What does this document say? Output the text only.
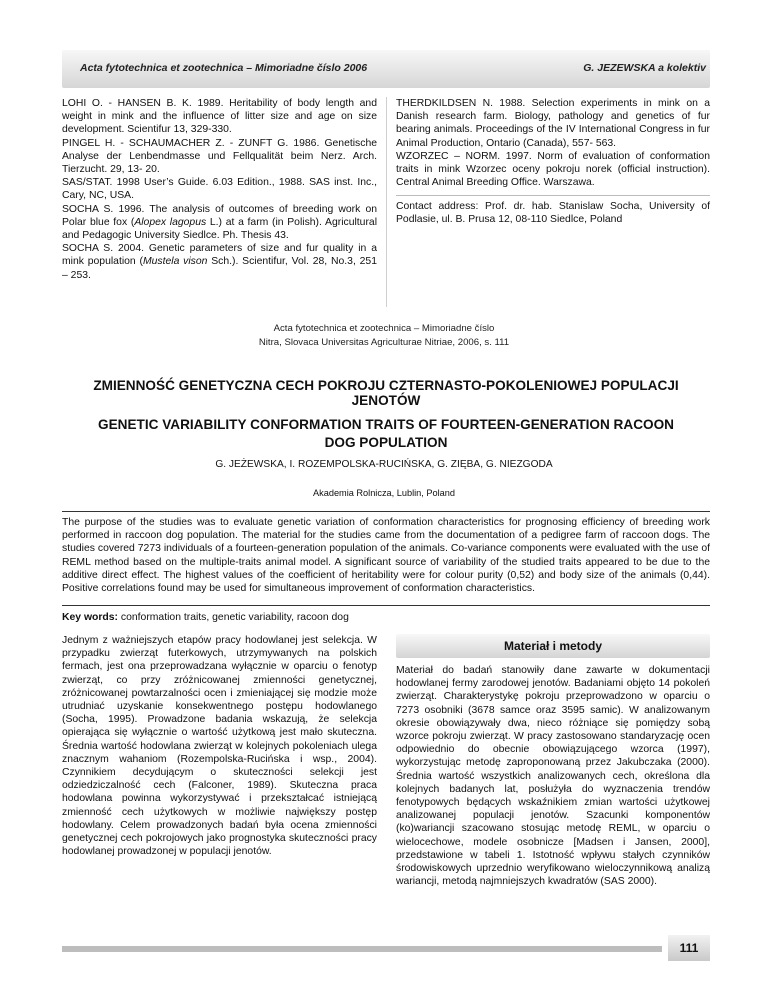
Acta fytotechnica et zootechnica – Mimoriadne číslo 2006	G. JEZEWSKA a kolektiv

LOHI O. - HANSEN B. K. 1989. Heritability of body length and weight in mink and the influence of litter size and age on size development. Scientifur 13, 329-330.

PINGEL H. - SCHAUMACHER Z. - ZUNFT G. 1986. Genetische Analyse der Lenbendmasse und Fellqualität beim Nerz. Arch. Tierzucht. 29, 13- 20.

SAS/STAT. 1998 User’s Guide. 6.03 Edition., 1988. SAS inst. Inc., Cary, NC, USA.

SOCHA S. 1996. The analysis of outcomes of breeding work on Polar blue fox (Alopex lagopus L.) at a farm (in Polish). Agricultural and Pedagogic University Siedlce. Ph. Thesis 43.

SOCHA S. 2004. Genetic parameters of size and fur quality in a mink population (Mustela vison Sch.). Scientifur, Vol. 28, No.3, 251 – 253.

THERDKILDSEN N. 1988. Selection experiments in mink on a Danish research farm. Biology, pathology and genetics of fur bearing animals. Proceedings of the IV International Congress in fur Animal Production, Ontario (Canada), 557- 563.

WZORZEC – NORM. 1997. Norm of evaluation of conformation traits in mink Wzorzec oceny pokroju norek (official instruction). Central Animal Breeding Office. Warszawa.

Contact address: Prof. dr. hab. Stanislaw Socha, University of Podlasie, ul. B. Prusa 12, 08-110 Siedlce, Poland
Acta fytotechnica et zootechnica – Mimoriadne číslo
Nitra, Slovaca Universitas Agriculturae Nitriae, 2006, s. 111
ZMIENNOŚĆ GENETYCZNA CECH POKROJU CZTERNASTO-POKOLENIOWEJ POPULACJI JENOTÓW
GENETIC VARIABILITY CONFORMATION TRAITS OF FOURTEEN-GENERATION RACOON DOG POPULATION
G. JEŻEWSKA, I. ROZEMPOLSKA-RUCIŃSKA, G. ZIĘBA, G. NIEZGODA
Akademia Rolnicza, Lublin, Poland
The purpose of the studies was to evaluate genetic variation of conformation characteristics for prognosing efficiency of breeding work performed in raccoon dog population. The material for the studies came from the documentation of a pedigree farm of raccoon dogs. The studies covered 7273 individuals of a fourteen-generation population of the animals. Co-variance components were evaluated with the use of REML method based on the multiple-traits animal model. A significant source of variability of the studied traits appeared to be due to the additive direct effect. The highest values of the coefficient of heritability were for colour purity (0,52) and body size of the animals (0,44). Positive correlations found may be used for simultaneous improvement of conformation characteristics.
Key words: conformation traits, genetic variability, racoon dog
Jednym z ważniejszych etapów pracy hodowlanej jest selekcja. W przypadku zwierząt futerkowych, utrzymywanych na polskich fermach, jest ona przeprowadzana wyłącznie w oparciu o fenotyp zwierząt, co przy zróżnicowanej zmienności genetycznej, zróżnicowanej powtarzalności ocen i zmieniającej się modzie może utrudniać uzyskanie konsekwentnego postępu hodowlanego (Socha, 1995). Prowadzone badania wskazują, że selekcja opierająca się wyłącznie o wartość użytkową jest mało skuteczna. Średnia wartość hodowlana zwierząt w kolejnych pokoleniach ulega znacznym wahaniom (Rozempolska-Rucińska i wsp., 2004). Czynnikiem decydującym o skuteczności selekcji jest odziedziczalność cech (Falconer, 1989). Skuteczna praca hodowlana powinna wykorzystywać i przekształcać istniejącą zmienność cech użytkowych w możliwie największy postęp hodowlany. Celem prowadzonych badań była ocena zmienności genetycznej cech pokrojowych jako prognostyka skuteczności pracy hodowlanej prowadzonej w populacji jenotów.
Materiał i metody
Materiał do badań stanowiły dane zawarte w dokumentacji hodowlanej fermy zarodowej jenotów. Badaniami objęto 14 pokoleń zwierząt. Charakterystykę pokroju przeprowadzono w oparciu o 7273 osobniki (3678 samce oraz 3595 samic). W analizowanym okresie obowiązywały dwa, nieco różniące się pomiędzy sobą wzorce pokroju zwierząt. W pracy zastosowano standaryzację ocen odpowiednio do obecnie obowiązującego wzorca (1997), wykorzystując metodę zaproponowaną przez Jakubczaka (2000). Średnia wartość wszystkich analizowanych cech, określona dla kolejnych badanych lat, posłużyła do wyznaczenia trendów fenotypowych będących wskaźnikiem zmian wartości użytkowej analizowanej populacji jenotów. Szacunki komponentów (ko)wariancji szacowano stosując metodę REML, w oparciu o wielocechowe, modele osobnicze [Madsen i Jansen, 2000], przedstawione w tabeli 1. Istotność wpływu stałych czynników środowiskowych uprzednio weryfikowano wieloczynnikową analizą wariancji, metodą najmniejszych kwadratów (SAS 2000).
111
